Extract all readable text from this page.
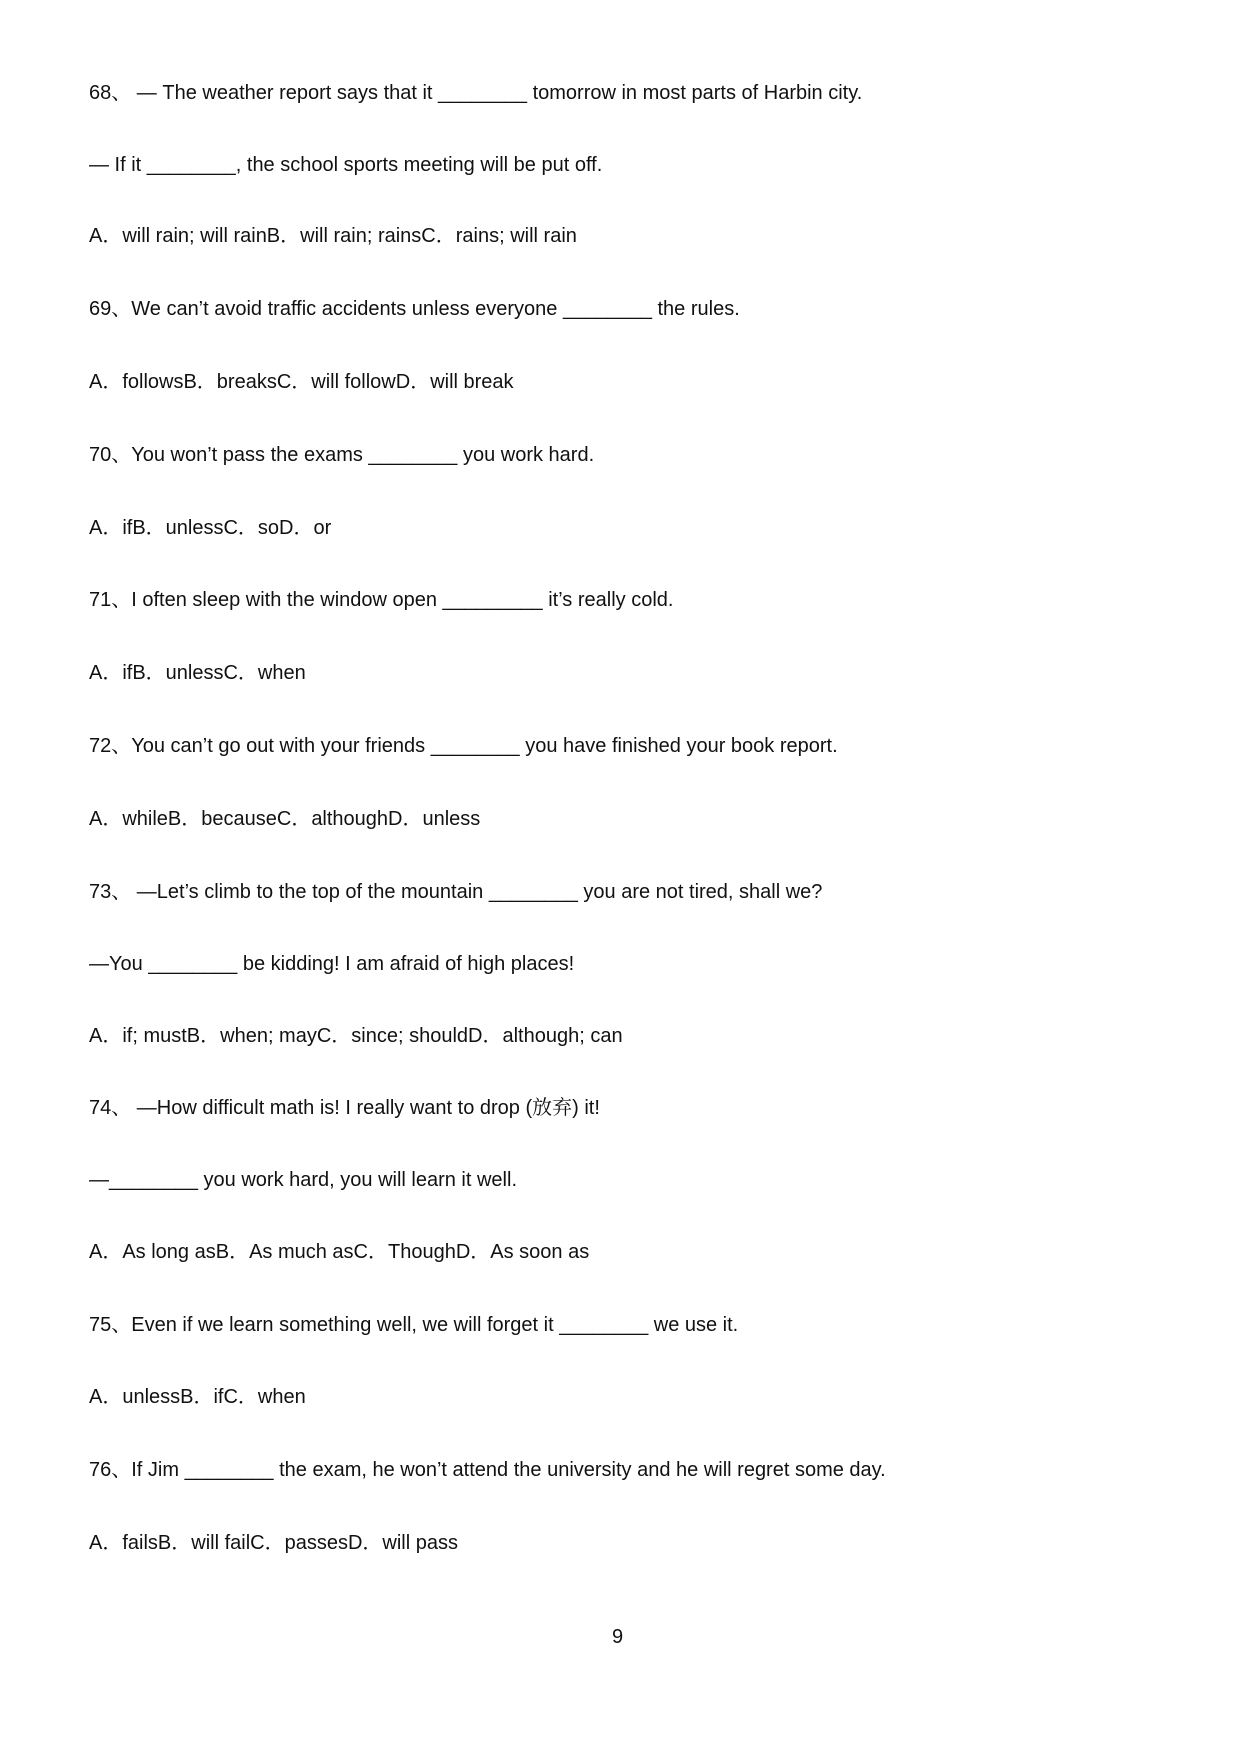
68、 — The weather report says that it ________ tomorrow in most parts of Harbin city.
— If it ________, the school sports meeting will be put off.
A．will rain; will rainB．will rain; rainsC．rains; will rain
69、We can’t avoid traffic accidents unless everyone ________ the rules.
A．followsB．breaksC．will followD．will break
70、You won’t pass the exams ________ you work hard.
A．ifB．unlessC．soD．or
71、I often sleep with the window open _________ it’s really cold.
A．ifB．unlessC．when
72、You can’t go out with your friends ________ you have finished your book report.
A．whileB．becauseC．althoughD．unless
73、 —Let’s climb to the top of the mountain ________ you are not tired, shall we?
—You ________ be kidding! I am afraid of high places!
A．if; mustB．when; mayC．since; shouldD．although; can
74、 —How difficult math is! I really want to drop (放弃) it!
—________ you work hard, you will learn it well.
A．As long asB．As much asC．ThoughD．As soon as
75、Even if we learn something well, we will forget it ________ we use it.
A．unlessB．ifC．when
76、If Jim ________ the exam, he won’t attend the university and he will regret some day.
A．failsB．will failC．passesD．will pass
9
